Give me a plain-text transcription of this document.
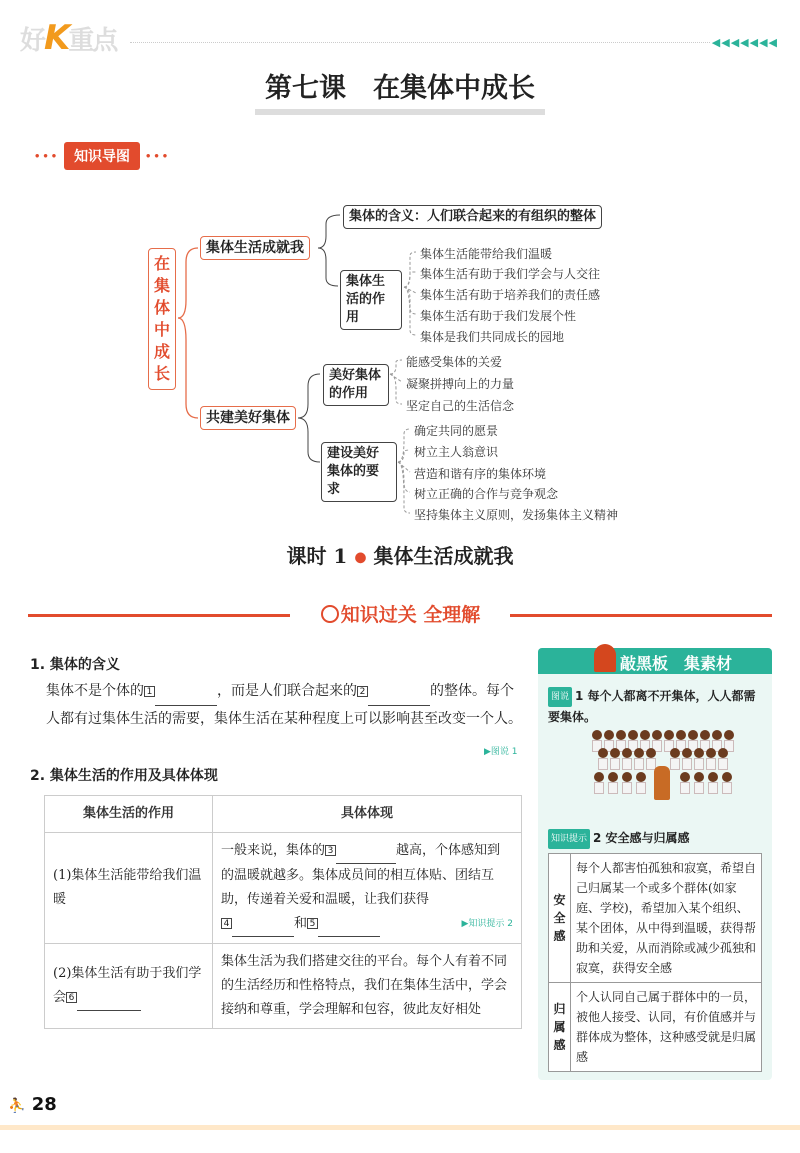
好K重点	◀◀◀◀◀◀◀
第七课　在集体中成长
••• 知识导图 •••
在集体中成长
集体生活成就我
共建美好集体
集体的含义：人们联合起来的有组织的整体
集体生活的作用
美好集体的作用
建设美好集体的要求
集体生活能带给我们温暖
集体生活有助于我们学会与人交往
集体生活有助于培养我们的责任感
集体生活有助于我们发展个性
集体是我们共同成长的园地
能感受集体的关爱
凝聚拼搏向上的力量
坚定自己的生活信念
确定共同的愿景
树立主人翁意识
营造和谐有序的集体环境
树立正确的合作与竞争观念
坚持集体主义原则，发扬集体主义精神
课时 1 ● 集体生活成就我
知识过关 全理解
1. 集体的含义
集体不是个体的 1	，而是人们联合起来的 2	的整体。每个人都有过集体生活的需要，集体生活在某种程度上可以影响甚至改变一个人。
▶图说 1
2. 集体生活的作用及具体体现
集体生活的作用	具体体现
(1)集体生活能带给我们温暖	一般来说，集体的 3 越高，个体感知到的温暖就越多。集体成员间的相互体贴、团结互助，传递着关爱和温暖，让我们获得
4 和 5 ▶知识提示 2

(2)集体生活有助于我们学会 6	集体生活为我们搭建交往的平台。每个人有着不同的生活经历和性格特点，我们在集体生活中，学会接纳和尊重，学会理解和包容，彼此友好相处
敲黑板　集素材
图说 1 每个人都离不开集体，人人都需要集体。
知识提示 2 安全感与归属感
安全感	每个人都害怕孤独和寂寞，希望自己归属某一个或多个群体(如家庭、学校)，希望加入某个组织、某个团体，从中得到温暖，获得帮助和关爱，从而消除或减少孤独和寂寞，获得安全感
归属感	个人认同自己属于群体中的一员，被他人接受、认同，有价值感并与群体成为整体，这种感受就是归属感
⛹ 28
